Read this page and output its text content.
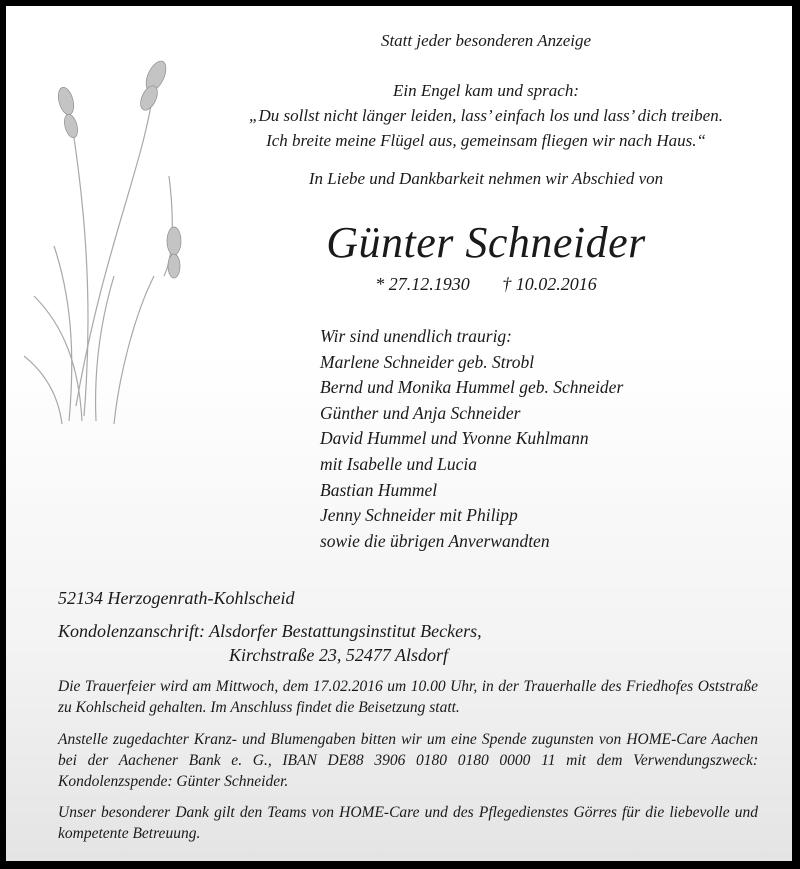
Statt jeder besonderen Anzeige
Ein Engel kam und sprach:
„Du sollst nicht länger leiden, lass’ einfach los und lass’ dich treiben.
Ich breite meine Flügel aus, gemeinsam fliegen wir nach Haus.“
In Liebe und Dankbarkeit nehmen wir Abschied von
Günter Schneider
* 27.12.1930 † 10.02.2016
Wir sind unendlich traurig:
Marlene Schneider geb. Strobl
Bernd und Monika Hummel geb. Schneider
Günther und Anja Schneider
David Hummel und Yvonne Kuhlmann
mit Isabelle und Lucia
Bastian Hummel
Jenny Schneider mit Philipp
sowie die übrigen Anverwandten
52134 Herzogenrath-Kohlscheid
Kondolenzanschrift: Alsdorfer Bestattungsinstitut Beckers,
Kirchstraße 23, 52477 Alsdorf
Die Trauerfeier wird am Mittwoch, dem 17.02.2016 um 10.00 Uhr, in der Trauerhalle des Friedhofes Oststraße zu Kohlscheid gehalten. Im Anschluss findet die Beisetzung statt.
Anstelle zugedachter Kranz- und Blumengaben bitten wir um eine Spende zugunsten von HOME-Care Aachen bei der Aachener Bank e. G., IBAN DE88 3906 0180 0180 0000 11 mit dem Verwendungszweck: Kondolenzspende: Günter Schneider.
Unser besonderer Dank gilt den Teams von HOME-Care und des Pflegedienstes Görres für die liebevolle und kompetente Betreuung.
